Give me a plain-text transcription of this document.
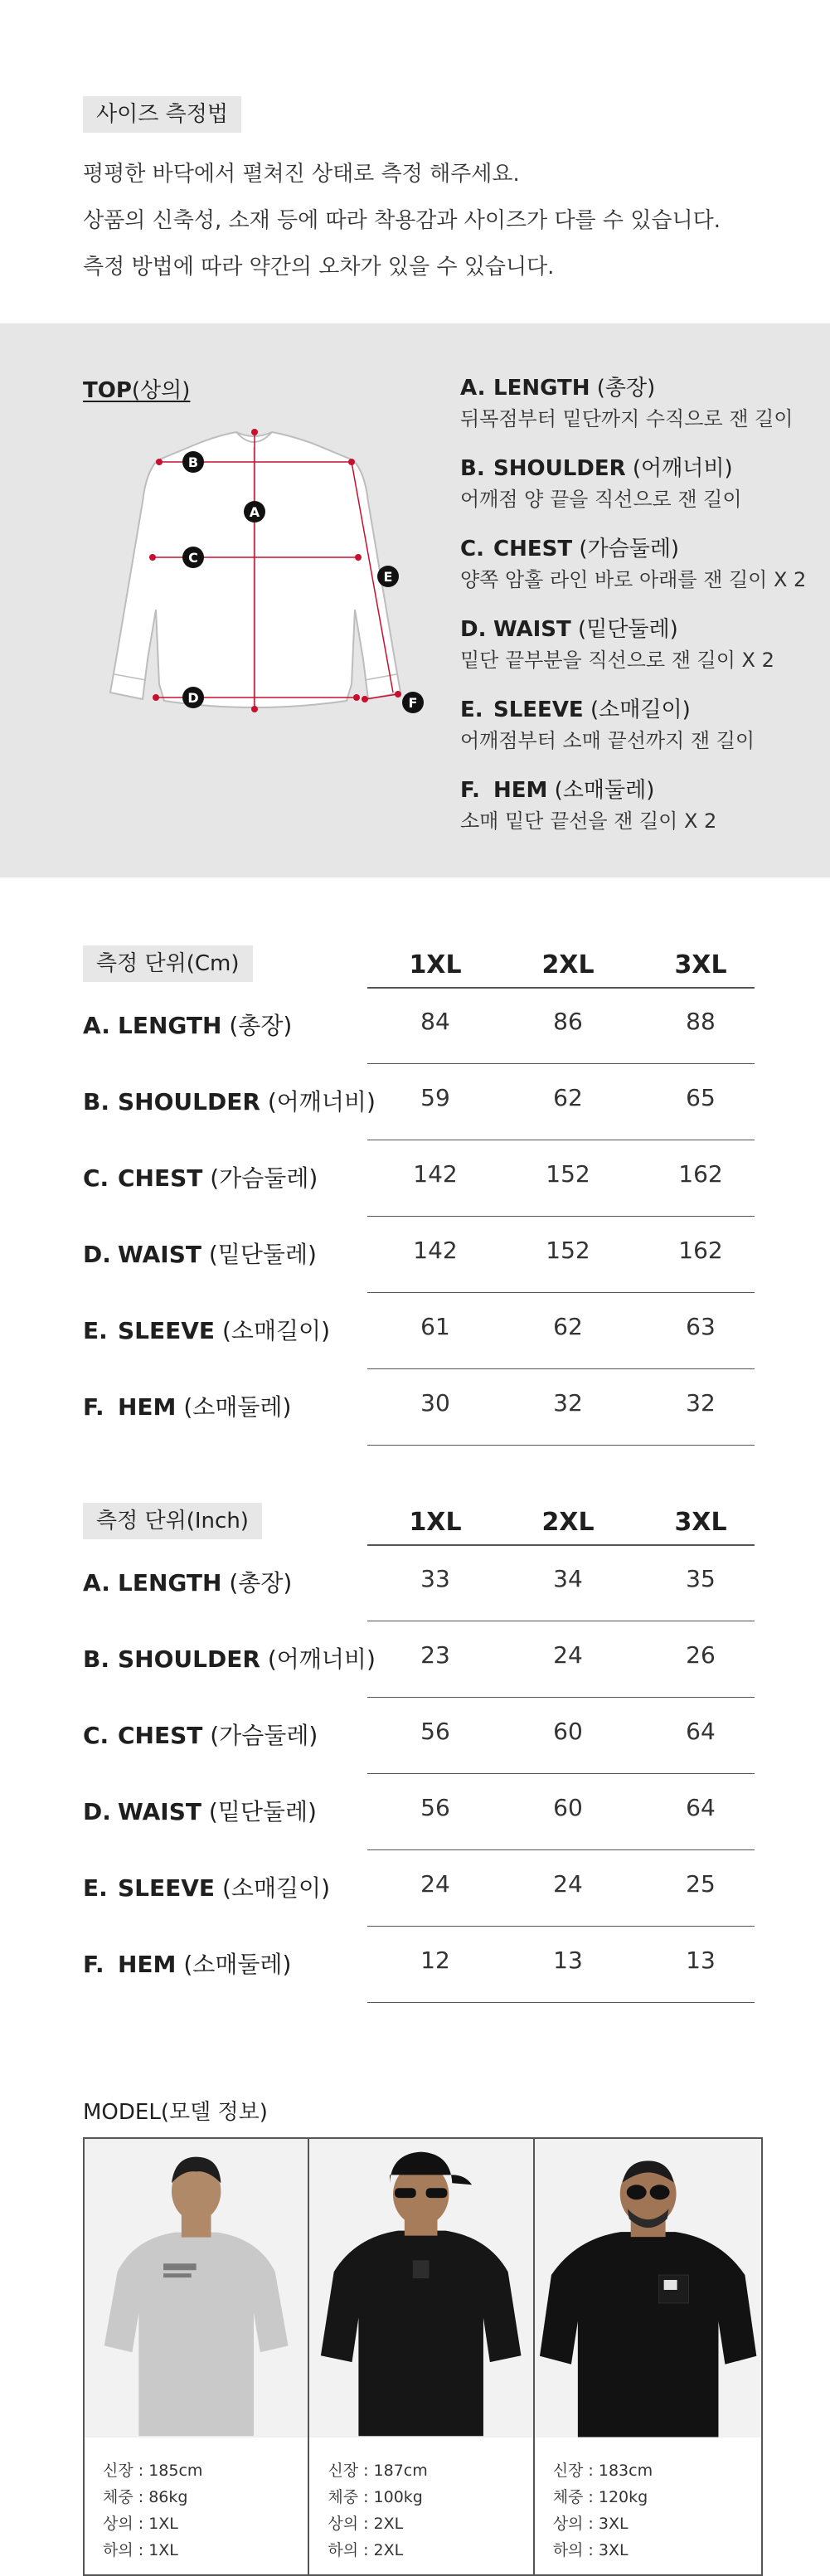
사이즈 측정법

평평한 바닥에서 펼쳐진 상태로 측정 해주세요.

상품의 신축성, 소재 등에 따라 착용감과 사이즈가 다를 수 있습니다.

측정 방법에 따라 약간의 오차가 있을 수 있습니다.

TOP(상의)
A
B
C
D
E
F
A. LENGTH (총장)
뒤목점부터 밑단까지 수직으로 잰 길이
B. SHOULDER (어깨너비)
어깨점 양 끝을 직선으로 잰 길이
C. CHEST (가슴둘레)
양쪽 암홀 라인 바로 아래를 잰 길이 X 2
D. WAIST (밑단둘레)
밑단 끝부분을 직선으로 잰 길이 X 2
E. SLEEVE (소매길이)
어깨점부터 소매 끝선까지 잰 길이
F. HEM (소매둘레)
소매 밑단 끝선을 잰 길이 X 2
측정 단위(Cm)	1XL	2XL	3XL
A. LENGTH (총장)	84	86	88
B. SHOULDER (어깨너비)	59	62	65
C. CHEST (가슴둘레)	142	152	162
D. WAIST (밑단둘레)	142	152	162
E. SLEEVE (소매길이)	61	62	63
F. HEM (소매둘레)	30	32	32
측정 단위(Inch)	1XL	2XL	3XL
A. LENGTH (총장)	33	34	35
B. SHOULDER (어깨너비)	23	24	26
C. CHEST (가슴둘레)	56	60	64
D. WAIST (밑단둘레)	56	60	64
E. SLEEVE (소매길이)	24	24	25
F. HEM (소매둘레)	12	13	13
MODEL(모델 정보)

신장 : 185cm

체중 : 86kg

상의 : 1XL

하의 : 1XL

신장 : 187cm

체중 : 100kg

상의 : 2XL

하의 : 2XL

신장 : 183cm

체중 : 120kg

상의 : 3XL

하의 : 3XL
